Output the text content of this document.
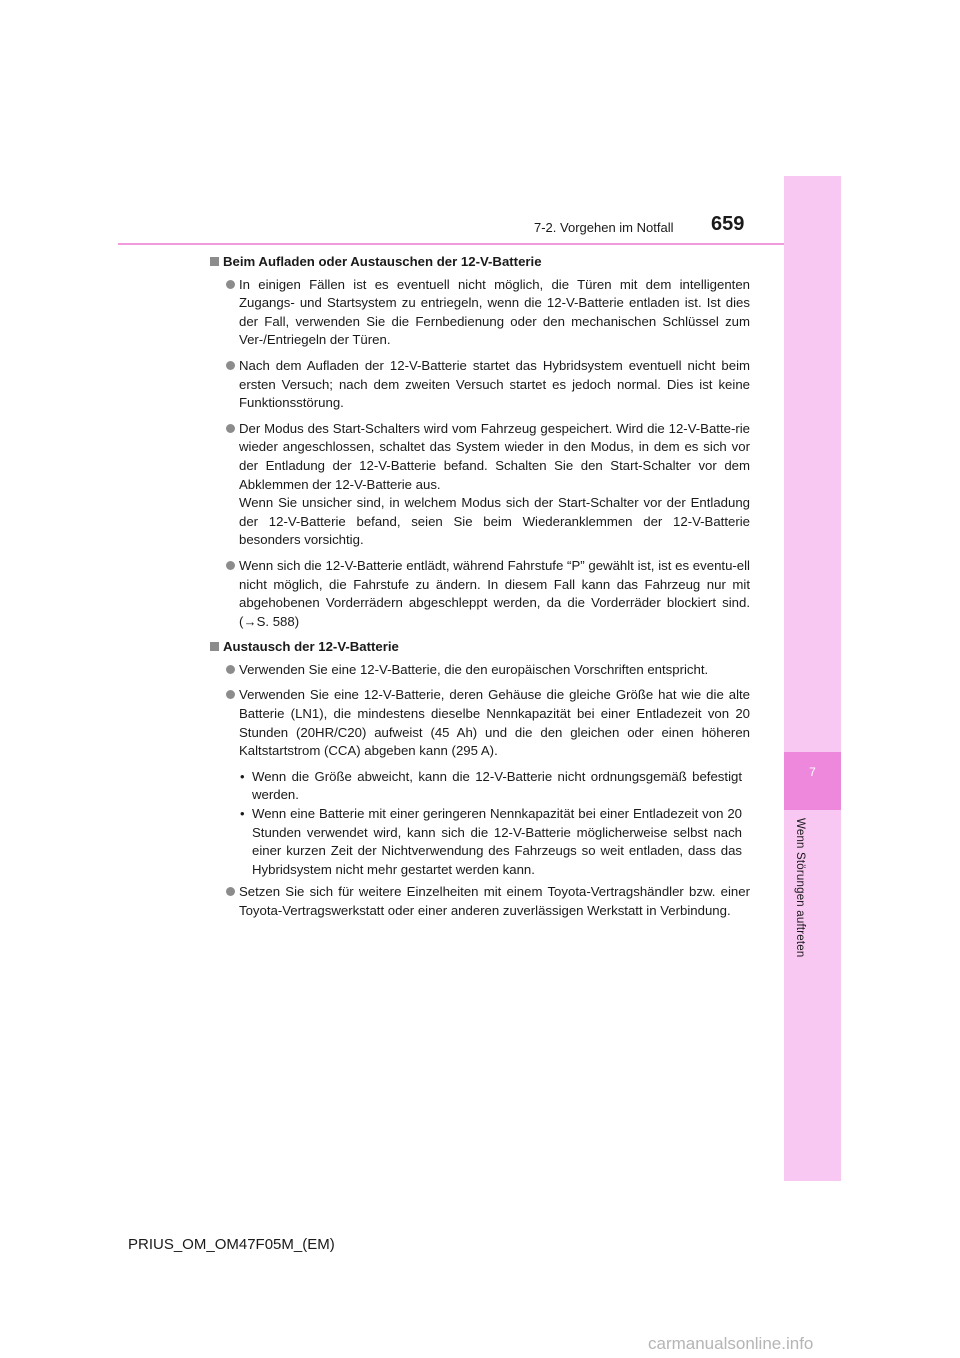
7
Wenn Störungen auftreten
7-2. Vorgehen im Notfall 659
Beim Aufladen oder Austauschen der 12-V-Batterie
In einigen Fällen ist es eventuell nicht möglich, die Türen mit dem intelligenten Zugangs- und Startsystem zu entriegeln, wenn die 12-V-Batterie entladen ist. Ist dies der Fall, verwenden Sie die Fernbedienung oder den mechanischen Schlüssel zum Ver-/Entriegeln der Türen.
Nach dem Aufladen der 12-V-Batterie startet das Hybridsystem eventuell nicht beim ersten Versuch; nach dem zweiten Versuch startet es jedoch normal. Dies ist keine Funktionsstörung.
Der Modus des Start-Schalters wird vom Fahrzeug gespeichert. Wird die 12-V-Batte-rie wieder angeschlossen, schaltet das System wieder in den Modus, in dem es sich vor der Entladung der 12-V-Batterie befand. Schalten Sie den Start-Schalter vor dem Abklemmen der 12-V-Batterie aus.
Wenn Sie unsicher sind, in welchem Modus sich der Start-Schalter vor der Entladung der 12-V-Batterie befand, seien Sie beim Wiederanklemmen der 12-V-Batterie besonders vorsichtig.
Wenn sich die 12-V-Batterie entlädt, während Fahrstufe “P” gewählt ist, ist es eventu-ell nicht möglich, die Fahrstufe zu ändern. In diesem Fall kann das Fahrzeug nur mit abgehobenen Vorderrädern abgeschleppt werden, da die Vorderräder blockiert sind. (→S. 588)
Austausch der 12-V-Batterie
Verwenden Sie eine 12-V-Batterie, die den europäischen Vorschriften entspricht.
Verwenden Sie eine 12-V-Batterie, deren Gehäuse die gleiche Größe hat wie die alte Batterie (LN1), die mindestens dieselbe Nennkapazität bei einer Entladezeit von 20 Stunden (20HR/C20) aufweist (45 Ah) und die den gleichen oder einen höheren Kaltstartstrom (CCA) abgeben kann (295 A).
• Wenn die Größe abweicht, kann die 12-V-Batterie nicht ordnungsgemäß befestigt werden.
• Wenn eine Batterie mit einer geringeren Nennkapazität bei einer Entladezeit von 20 Stunden verwendet wird, kann sich die 12-V-Batterie möglicherweise selbst nach einer kurzen Zeit der Nichtverwendung des Fahrzeugs so weit entladen, dass das Hybridsystem nicht mehr gestartet werden kann.
Setzen Sie sich für weitere Einzelheiten mit einem Toyota-Vertragshändler bzw. einer Toyota-Vertragswerkstatt oder einer anderen zuverlässigen Werkstatt in Verbindung.
PRIUS_OM_OM47F05M_(EM)
carmanualsonline.info
